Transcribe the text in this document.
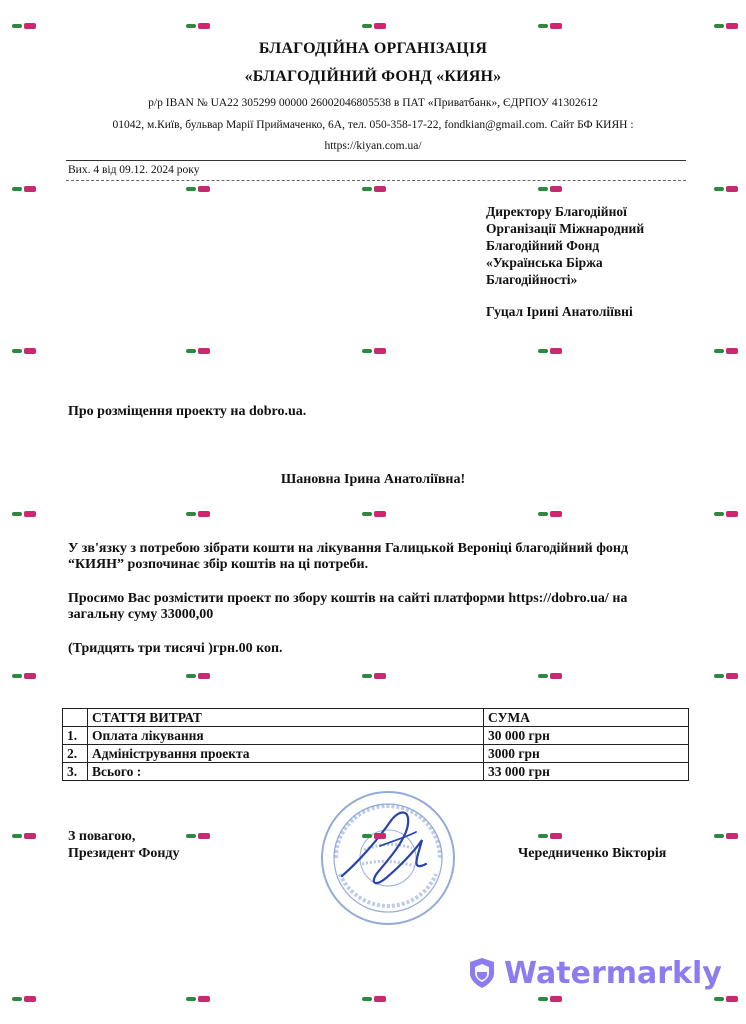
БЛАГОДІЙНА ОРГАНІЗАЦІЯ
«БЛАГОДІЙНИЙ ФОНД «КИЯН»
р/р IBAN № UA22 305299 00000 26002046805538 в ПАТ «Приватбанк», ЄДРПОУ 41302612
01042, м.Київ, бульвар Марії Приймаченко, 6А, тел. 050-358-17-22, fondkian@gmail.com. Сайт БФ КИЯН :
https://kiyan.com.ua/
Вих. 4 від 09.12. 2024 року
Директору Благодійної
Організації Міжнародний
Благодійний Фонд
«Українська Біржа
Благодійності»
Гуцал Ірині Анатоліївні
Про розміщення проекту на dobro.ua.
Шановна Ірина Анатоліївна!
У зв'язку з потребою зібрати кошти на лікування Галицькой Вероніці благодійний фонд
“КИЯН” розпочинає збір коштів на ці потреби.
Просимо Вас розмістити проект по збору коштів на сайті платформи https://dobro.ua/ на
загальну суму 33000,00
(Тридцять три тисячі )грн.00 коп.
	СТАТТЯ ВИТРАТ	СУМА
1.	Оплата лікування	30 000 грн
2.	Адміністрування проекта	3000 грн
3.	Всього :	33 000 грн
З повагою,
Президент Фонду	Чередниченко Вікторія
Watermarkly
